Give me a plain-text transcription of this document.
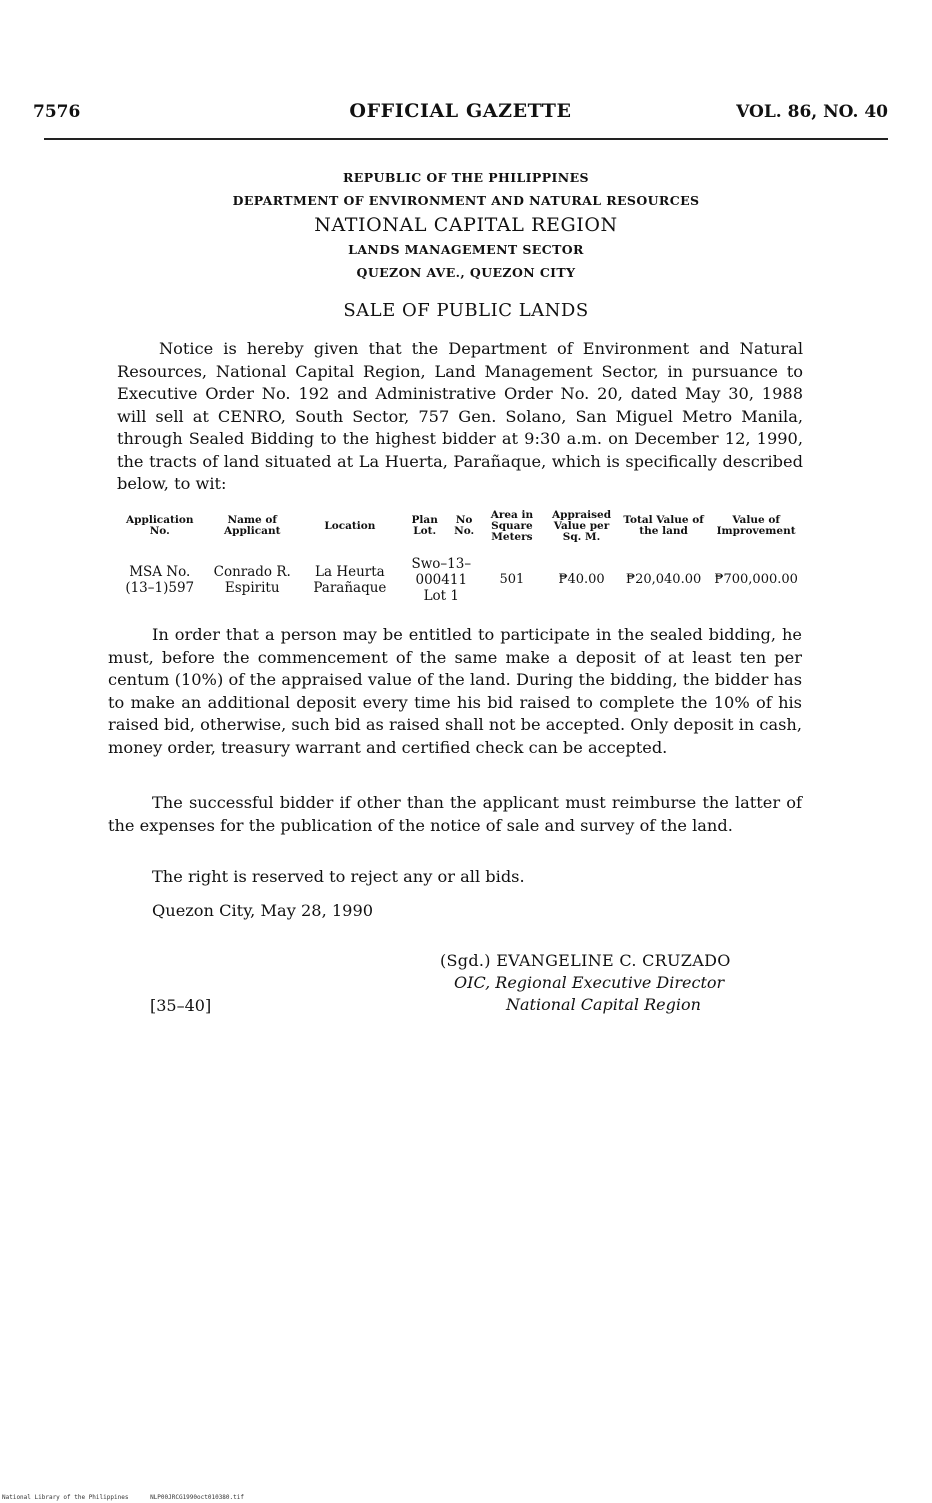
7576	OFFICIAL GAZETTE	VOL. 86, NO. 40
REPUBLIC OF THE PHILIPPINES
DEPARTMENT OF ENVIRONMENT AND NATURAL RESOURCES
NATIONAL CAPITAL REGION
LANDS MANAGEMENT SECTOR
QUEZON AVE., QUEZON CITY
SALE OF PUBLIC LANDS

Notice is hereby given that the Department of Environment and Natural Resources, National Capital Region, Land Management Sector, in pursuance to Executive Order No. 192 and Administrative Order No. 20, dated May 30, 1988 will sell at CENRO, South Sector, 757 Gen. Solano, San Miguel Metro Manila, through Sealed Bidding to the highest bidder at 9:30 a.m. on December 12, 1990, the tracts of land situated at La Huerta, Parañaque, which is specifically described below, to wit:

Application No.	Name of Applicant	Location	Plan Lot.	No No.	Area in Square Meters	Appraised Value per Sq. M.	Total Value of the land	Value of Improvement
MSA No. (13–1)597	Conrado R. Espiritu	La Heurta Parañaque	Swo–13–000411 Lot 1		501	₱40.00	₱20,040.00	₱700,000.00

In order that a person may be entitled to participate in the sealed bidding, he must, before the commencement of the same make a deposit of at least ten per centum (10%) of the appraised value of the land. During the bidding, the bidder has to make an additional deposit every time his bid raised to complete the 10% of his raised bid, otherwise, such bid as raised shall not be accepted. Only deposit in cash, money order, treasury warrant and certified check can be accepted.

The successful bidder if other than the applicant must reimburse the latter of the expenses for the publication of the notice of sale and survey of the land.

The right is reserved to reject any or all bids.

Quezon City, May 28, 1990

(Sgd.) EVANGELINE C. CRUZADO
OIC, Regional Executive Director
National Capital Region
[35–40]
National Library of the Philippines	NLP00JRCG1990oct010380.tif
